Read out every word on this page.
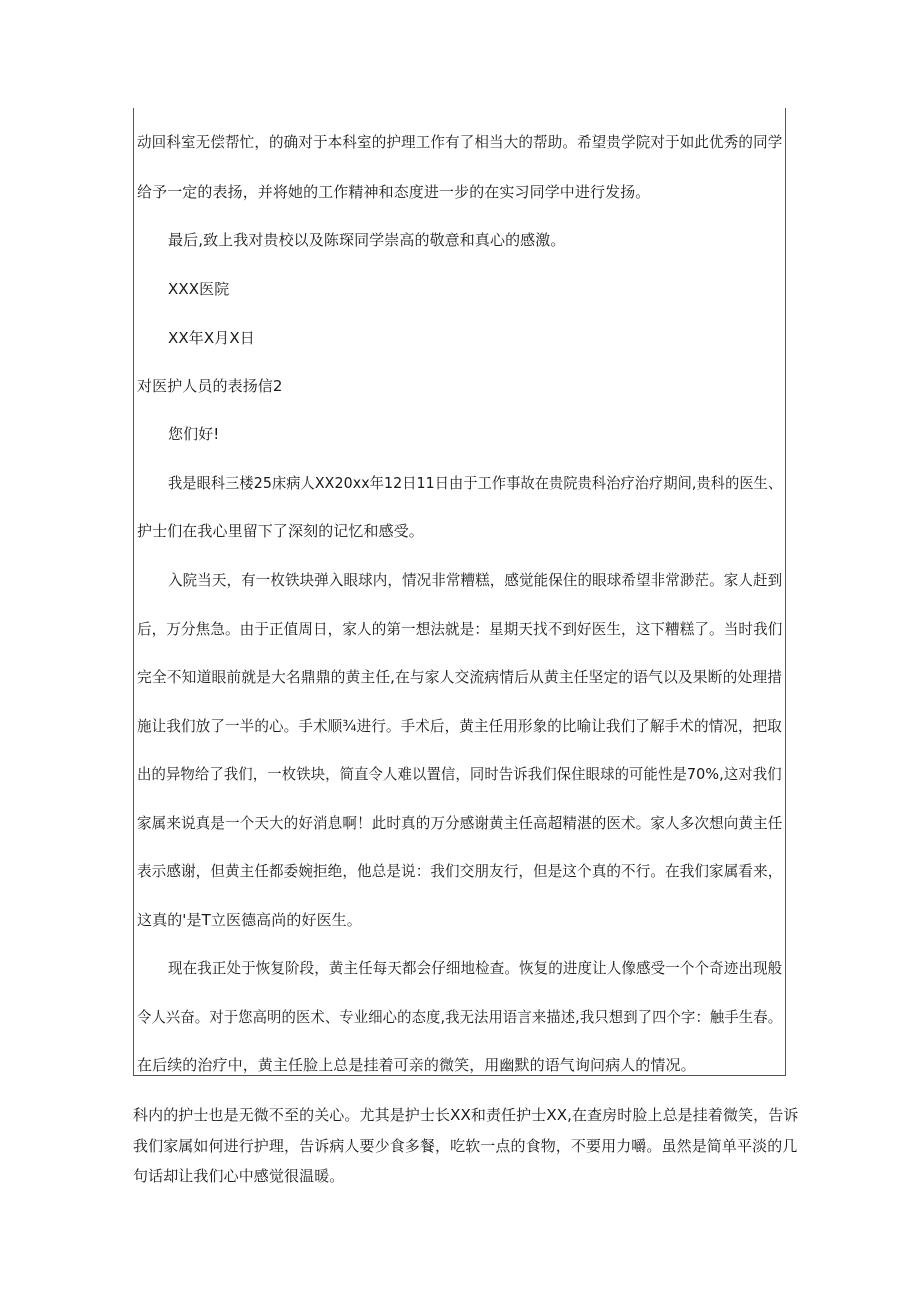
动回科室无偿帮忙，的确对于本科室的护理工作有了相当大的帮助。希望贵学院对于如此优秀的同学
给予一定的表扬，并将她的工作精神和态度进一步的在实习同学中进行发扬。
最后,致上我对贵校以及陈琛同学崇高的敬意和真心的感激。
XXX医院
XX年X月X日
对医护人员的表扬信2
您们好!
我是眼科三楼25床病人XX20xx年12日11日由于工作事故在贵院贵科治疗治疗期间,贵科的医生、
护士们在我心里留下了深刻的记忆和感受。
入院当天，有一枚铁块弹入眼球内，情况非常糟糕，感觉能保住的眼球希望非常渺茫。家人赶到
后，万分焦急。由于正值周日，家人的第一想法就是：星期天找不到好医生，这下糟糕了。当时我们
完全不知道眼前就是大名鼎鼎的黄主任,在与家人交流病情后从黄主任坚定的语气以及果断的处理措
施让我们放了一半的心。手术顺¾进行。手术后，黄主任用形象的比喻让我们了解手术的情况，把取
出的异物给了我们，一枚铁块，简直令人难以置信，同时告诉我们保住眼球的可能性是70%,这对我们
家属来说真是一个天大的好消息啊！此时真的万分感谢黄主任高超精湛的医术。家人多次想向黄主任
表示感谢，但黄主任都委婉拒绝，他总是说：我们交朋友行，但是这个真的不行。在我们家属看来，
这真的'是T立医德高尚的好医生。
现在我正处于恢复阶段，黄主任每天都会仔细地检查。恢复的进度让人像感受一个个奇迹出现般
令人兴奋。对于您高明的医术、专业细心的态度,我无法用语言来描述,我只想到了四个字：触手生春。
在后续的治疗中，黄主任脸上总是挂着可亲的微笑，用幽默的语气询问病人的情况。
科内的护士也是无微不至的关心。尤其是护士长XX和责任护士XX,在查房时脸上总是挂着微笑，告诉
我们家属如何进行护理，告诉病人要少食多餐，吃软一点的食物，不要用力嚼。虽然是简单平淡的几
句话却让我们心中感觉很温暖。
